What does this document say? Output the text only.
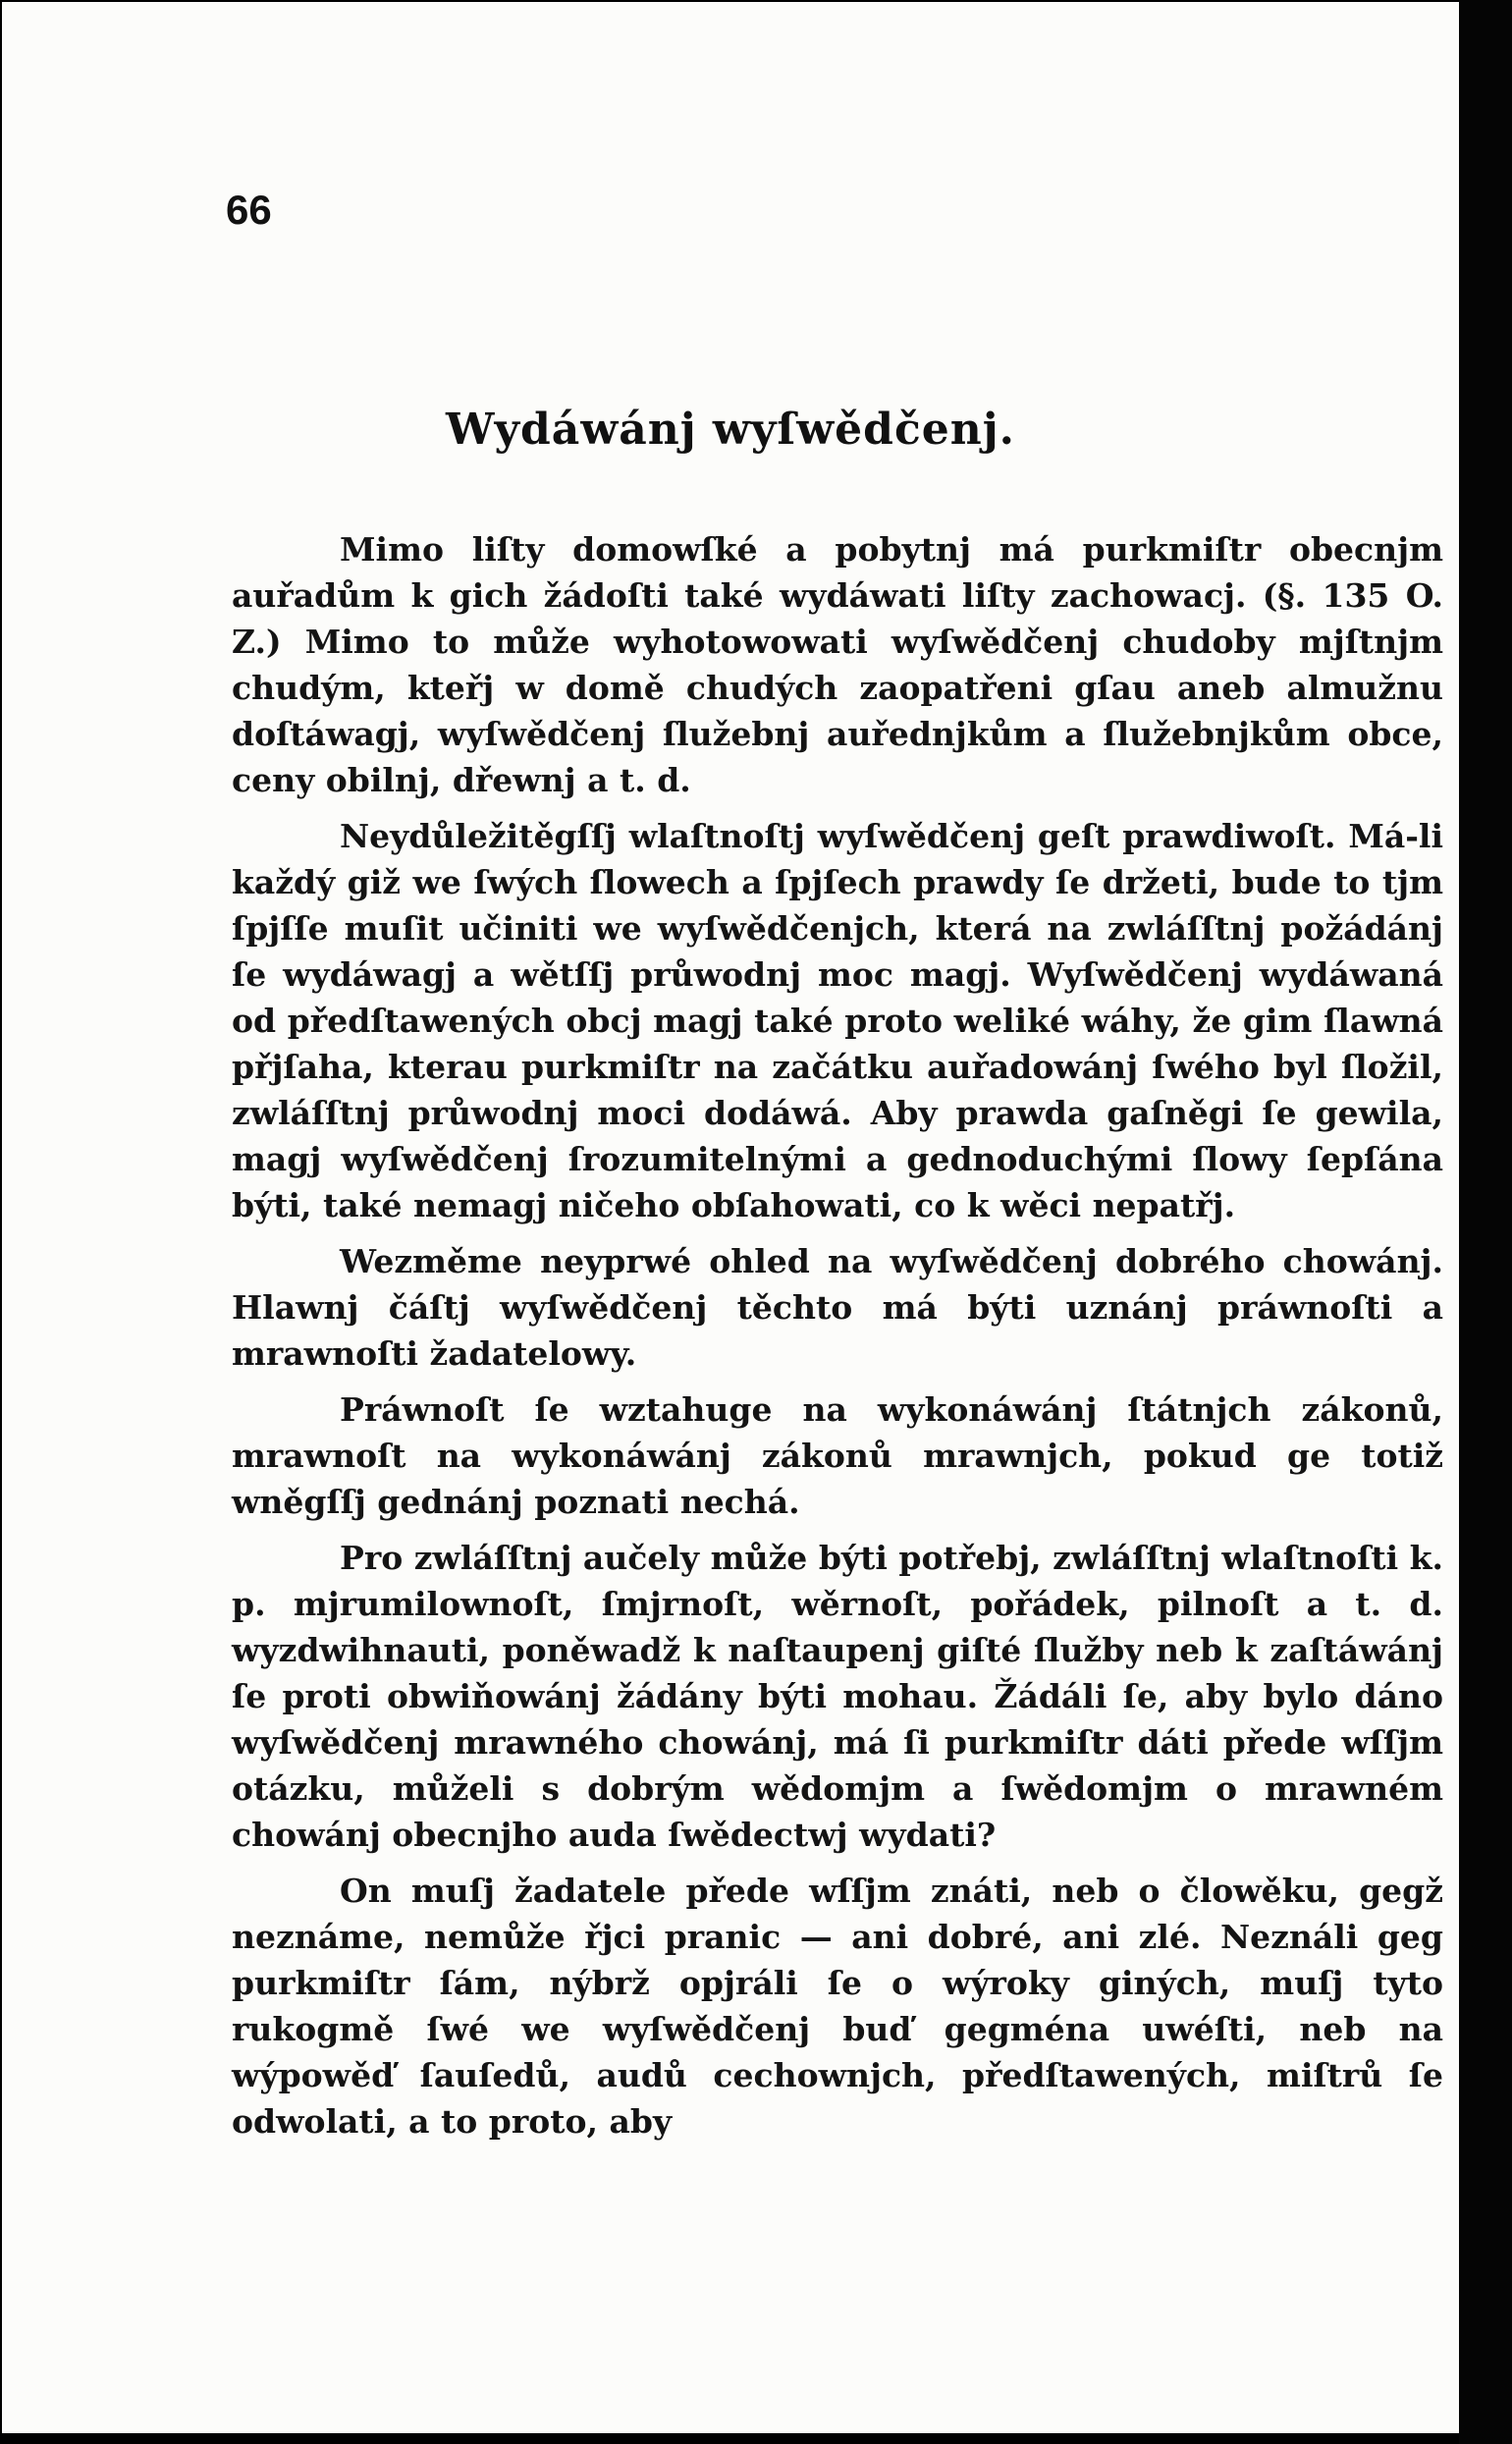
66
Wydáwánj wyſwědčenj.

Mimo liſty domowſké a pobytnj má purkmiſtr obecnjm auřadům k gich žádoſti také wydáwati liſty zachowacj. (§. 135 O. Z.) Mimo to může wyhotowowati wyſwědčenj chudoby mjſtnjm chudým, kteřj w domě chudých zaopatřeni gſau aneb almužnu doſtáwagj, wyſwědčenj ſlužebnj auřednjkům a ſlužebnjkům obce, ceny obilnj, dřewnj a t. d.

Neydůležitěgſſj wlaſtnoſtj wyſwědčenj geſt prawdiwoſt. Má-li každý giž we ſwých ſlowech a ſpjſech prawdy ſe držeti, bude to tjm ſpjſſe muſit učiniti we wyſwědčenjch, která na zwláſſtnj požádánj ſe wydáwagj a wětſſj průwodnj moc magj. Wyſwědčenj wydáwaná od předſtawených obcj magj také proto weliké wáhy, že gim ſlawná přjſaha, kterau purkmiſtr na začátku auřadowánj ſwého byl ſložil, zwláſſtnj průwodnj moci dodáwá. Aby prawda gaſněgi ſe gewila, magj wyſwědčenj ſrozumitelnými a gednoduchými ſlowy ſepſána býti, také nemagj ničeho obſahowati, co k wěci nepatřj.

Wezměme neyprwé ohled na wyſwědčenj dobrého chowánj. Hlawnj čáſtj wyſwědčenj těchto má býti uznánj práwnoſti a mrawnoſti žadatelowy.

Práwnoſt ſe wztahuge na wykonáwánj ſtátnjch zákonů, mrawnoſt na wykonáwánj zákonů mrawnjch, pokud ge totiž wněgſſj gednánj poznati nechá.

Pro zwláſſtnj aučely může býti potřebj, zwláſſtnj wlaſtnoſti k. p. mjrumilownoſt, ſmjrnoſt, wěrnoſt, pořádek, pilnoſt a t. d. wyzdwihnauti, poněwadž k naſtaupenj giſté ſlužby neb k zaſtáwánj ſe proti obwiňowánj žádány býti mohau. Žádáli ſe, aby bylo dáno wyſwědčenj mrawného chowánj, má ſi purkmiſtr dáti přede wſſjm otázku, můželi s dobrým wědomjm a ſwědomjm o mrawném chowánj obecnjho auda ſwědectwj wydati?

On muſj žadatele přede wſſjm znáti, neb o člowěku, gegž neznáme, nemůže řjci pranic — ani dobré, ani zlé. Neználi geg purkmiſtr ſám, nýbrž opjráli ſe o wýroky giných, muſj tyto rukogmě ſwé we wyſwědčenj buď gegména uwéſti, neb na wýpowěď ſauſedů, audů cechownjch, předſtawených, miſtrů ſe odwolati, a to proto, aby
